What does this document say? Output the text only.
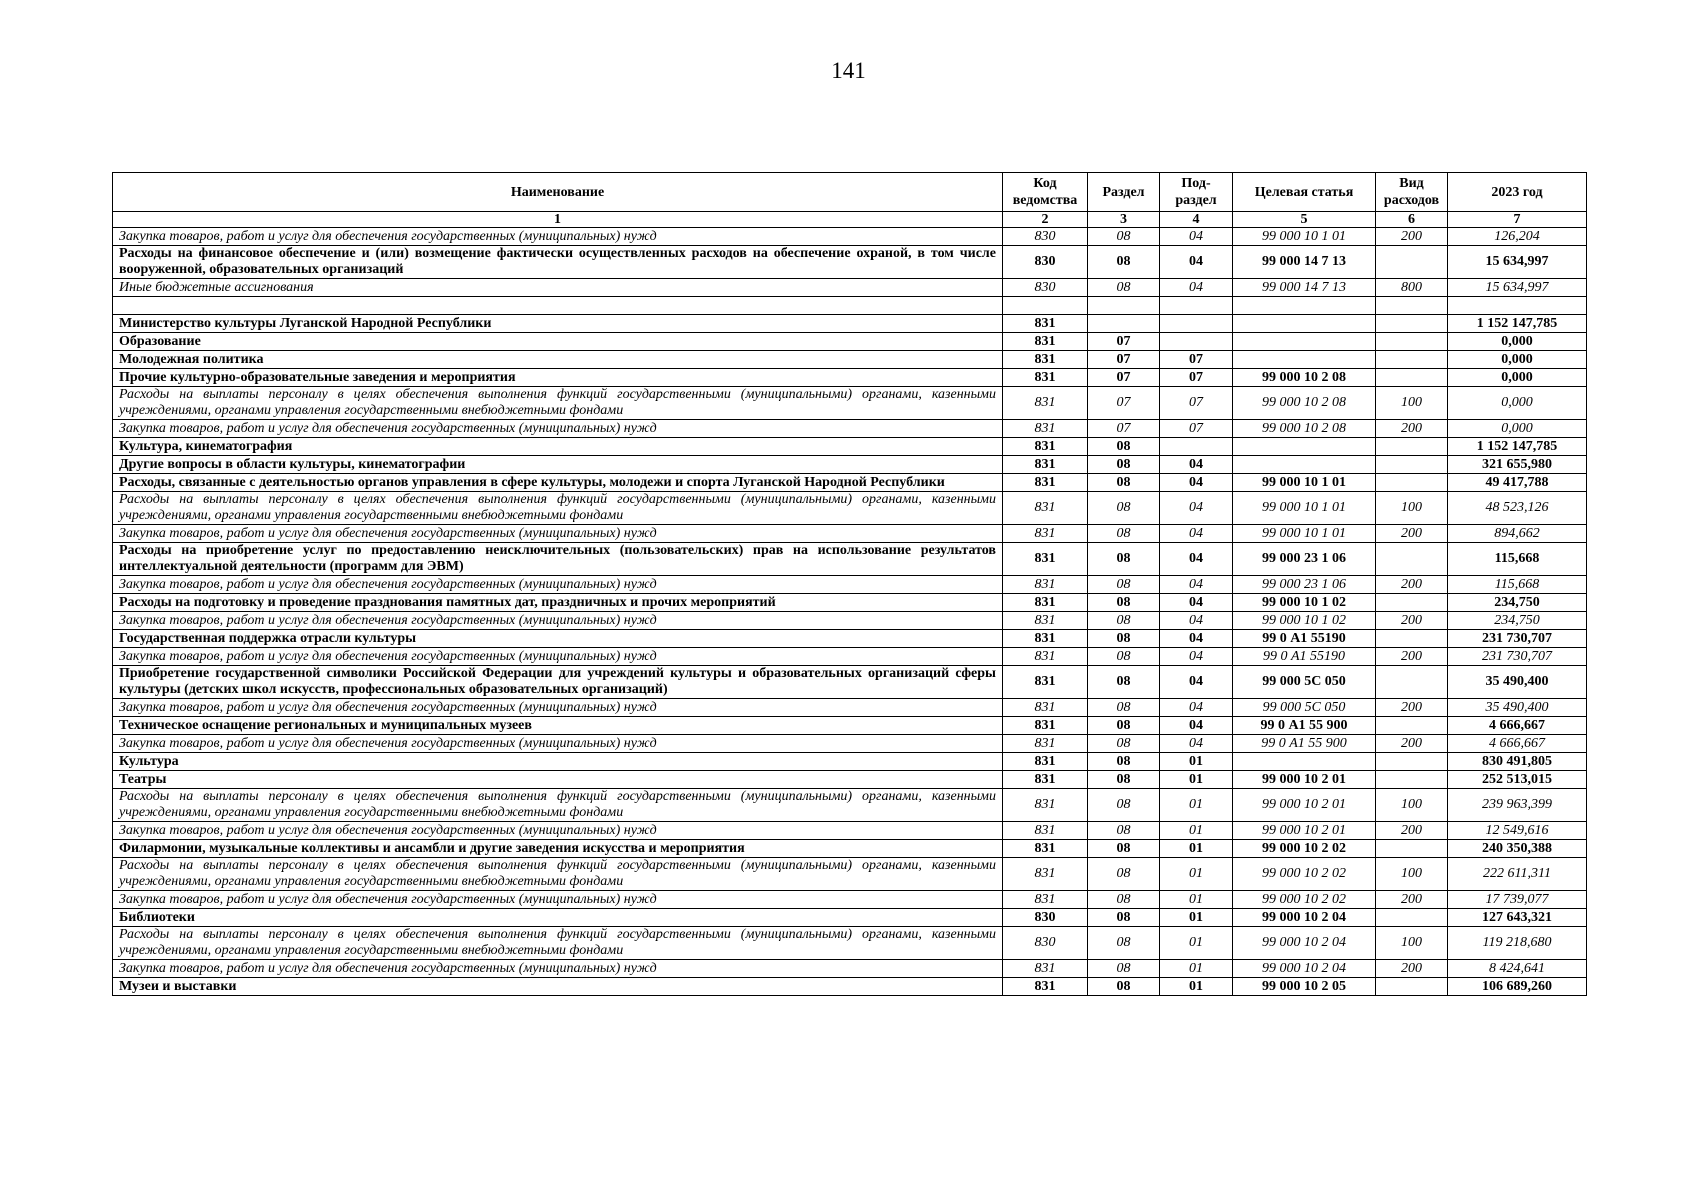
141
Наименование	Код ведомства	Раздел	Под-раздел	Целевая статья	Вид расходов	2023 год
1	2	3	4	5	6	7
Закупка товаров, работ и услуг для обеспечения государственных (муниципальных) нужд	830	08	04	99 000 10 1 01	200	126,204
Расходы на финансовое обеспечение и (или) возмещение фактически осуществленных расходов на обеспечение охраной, в том числе вооруженной, образовательных организаций	830	08	04	99 000 14 7 13		15 634,997
Иные бюджетные ассигнования	830	08	04	99 000 14 7 13	800	15 634,997

Министерство культуры Луганской Народной Республики	831					1 152 147,785
Образование	831	07				0,000
Молодежная политика	831	07	07			0,000
Прочие культурно-образовательные заведения и мероприятия	831	07	07	99 000 10 2 08		0,000
Расходы на выплаты персоналу в целях обеспечения выполнения функций государственными (муниципальными) органами, казенными учреждениями, органами управления государственными внебюджетными фондами	831	07	07	99 000 10 2 08	100	0,000
Закупка товаров, работ и услуг для обеспечения государственных (муниципальных) нужд	831	07	07	99 000 10 2 08	200	0,000
Культура, кинематография	831	08				1 152 147,785
Другие вопросы в области культуры, кинематографии	831	08	04			321 655,980
Расходы, связанные с деятельностью органов управления в сфере культуры, молодежи и спорта Луганской Народной Республики	831	08	04	99 000 10 1 01		49 417,788
Расходы на выплаты персоналу в целях обеспечения выполнения функций государственными (муниципальными) органами, казенными учреждениями, органами управления государственными внебюджетными фондами	831	08	04	99 000 10 1 01	100	48 523,126
Закупка товаров, работ и услуг для обеспечения государственных (муниципальных) нужд	831	08	04	99 000 10 1 01	200	894,662
Расходы на приобретение услуг по предоставлению неисключительных (пользовательских) прав на использование результатов интеллектуальной деятельности (программ для ЭВМ)	831	08	04	99 000 23 1 06		115,668
Закупка товаров, работ и услуг для обеспечения государственных (муниципальных) нужд	831	08	04	99 000 23 1 06	200	115,668
Расходы на подготовку и проведение празднования памятных дат, праздничных и прочих мероприятий	831	08	04	99 000 10 1 02		234,750
Закупка товаров, работ и услуг для обеспечения государственных (муниципальных) нужд	831	08	04	99 000 10 1 02	200	234,750
Государственная поддержка отрасли культуры	831	08	04	99 0 А1 55190		231 730,707
Закупка товаров, работ и услуг для обеспечения государственных (муниципальных) нужд	831	08	04	99 0 А1 55190	200	231 730,707
Приобретение государственной символики Российской Федерации для учреждений культуры и образовательных организаций сферы культуры (детских школ искусств, профессиональных образовательных организаций)	831	08	04	99 000 5С 050		35 490,400
Закупка товаров, работ и услуг для обеспечения государственных (муниципальных) нужд	831	08	04	99 000 5С 050	200	35 490,400
Техническое оснащение региональных и муниципальных музеев	831	08	04	99 0 А1 55 900		4 666,667
Закупка товаров, работ и услуг для обеспечения государственных (муниципальных) нужд	831	08	04	99 0 А1 55 900	200	4 666,667
Культура	831	08	01			830 491,805
Театры	831	08	01	99 000 10 2 01		252 513,015
Расходы на выплаты персоналу в целях обеспечения выполнения функций государственными (муниципальными) органами, казенными учреждениями, органами управления государственными внебюджетными фондами	831	08	01	99 000 10 2 01	100	239 963,399
Закупка товаров, работ и услуг для обеспечения государственных (муниципальных) нужд	831	08	01	99 000 10 2 01	200	12 549,616
Филармонии, музыкальные коллективы и ансамбли и другие заведения искусства и мероприятия	831	08	01	99 000 10 2 02		240 350,388
Расходы на выплаты персоналу в целях обеспечения выполнения функций государственными (муниципальными) органами, казенными учреждениями, органами управления государственными внебюджетными фондами	831	08	01	99 000 10 2 02	100	222 611,311
Закупка товаров, работ и услуг для обеспечения государственных (муниципальных) нужд	831	08	01	99 000 10 2 02	200	17 739,077
Библиотеки	830	08	01	99 000 10 2 04		127 643,321
Расходы на выплаты персоналу в целях обеспечения выполнения функций государственными (муниципальными) органами, казенными учреждениями, органами управления государственными внебюджетными фондами	830	08	01	99 000 10 2 04	100	119 218,680
Закупка товаров, работ и услуг для обеспечения государственных (муниципальных) нужд	831	08	01	99 000 10 2 04	200	8 424,641
Музеи и выставки	831	08	01	99 000 10 2 05		106 689,260
